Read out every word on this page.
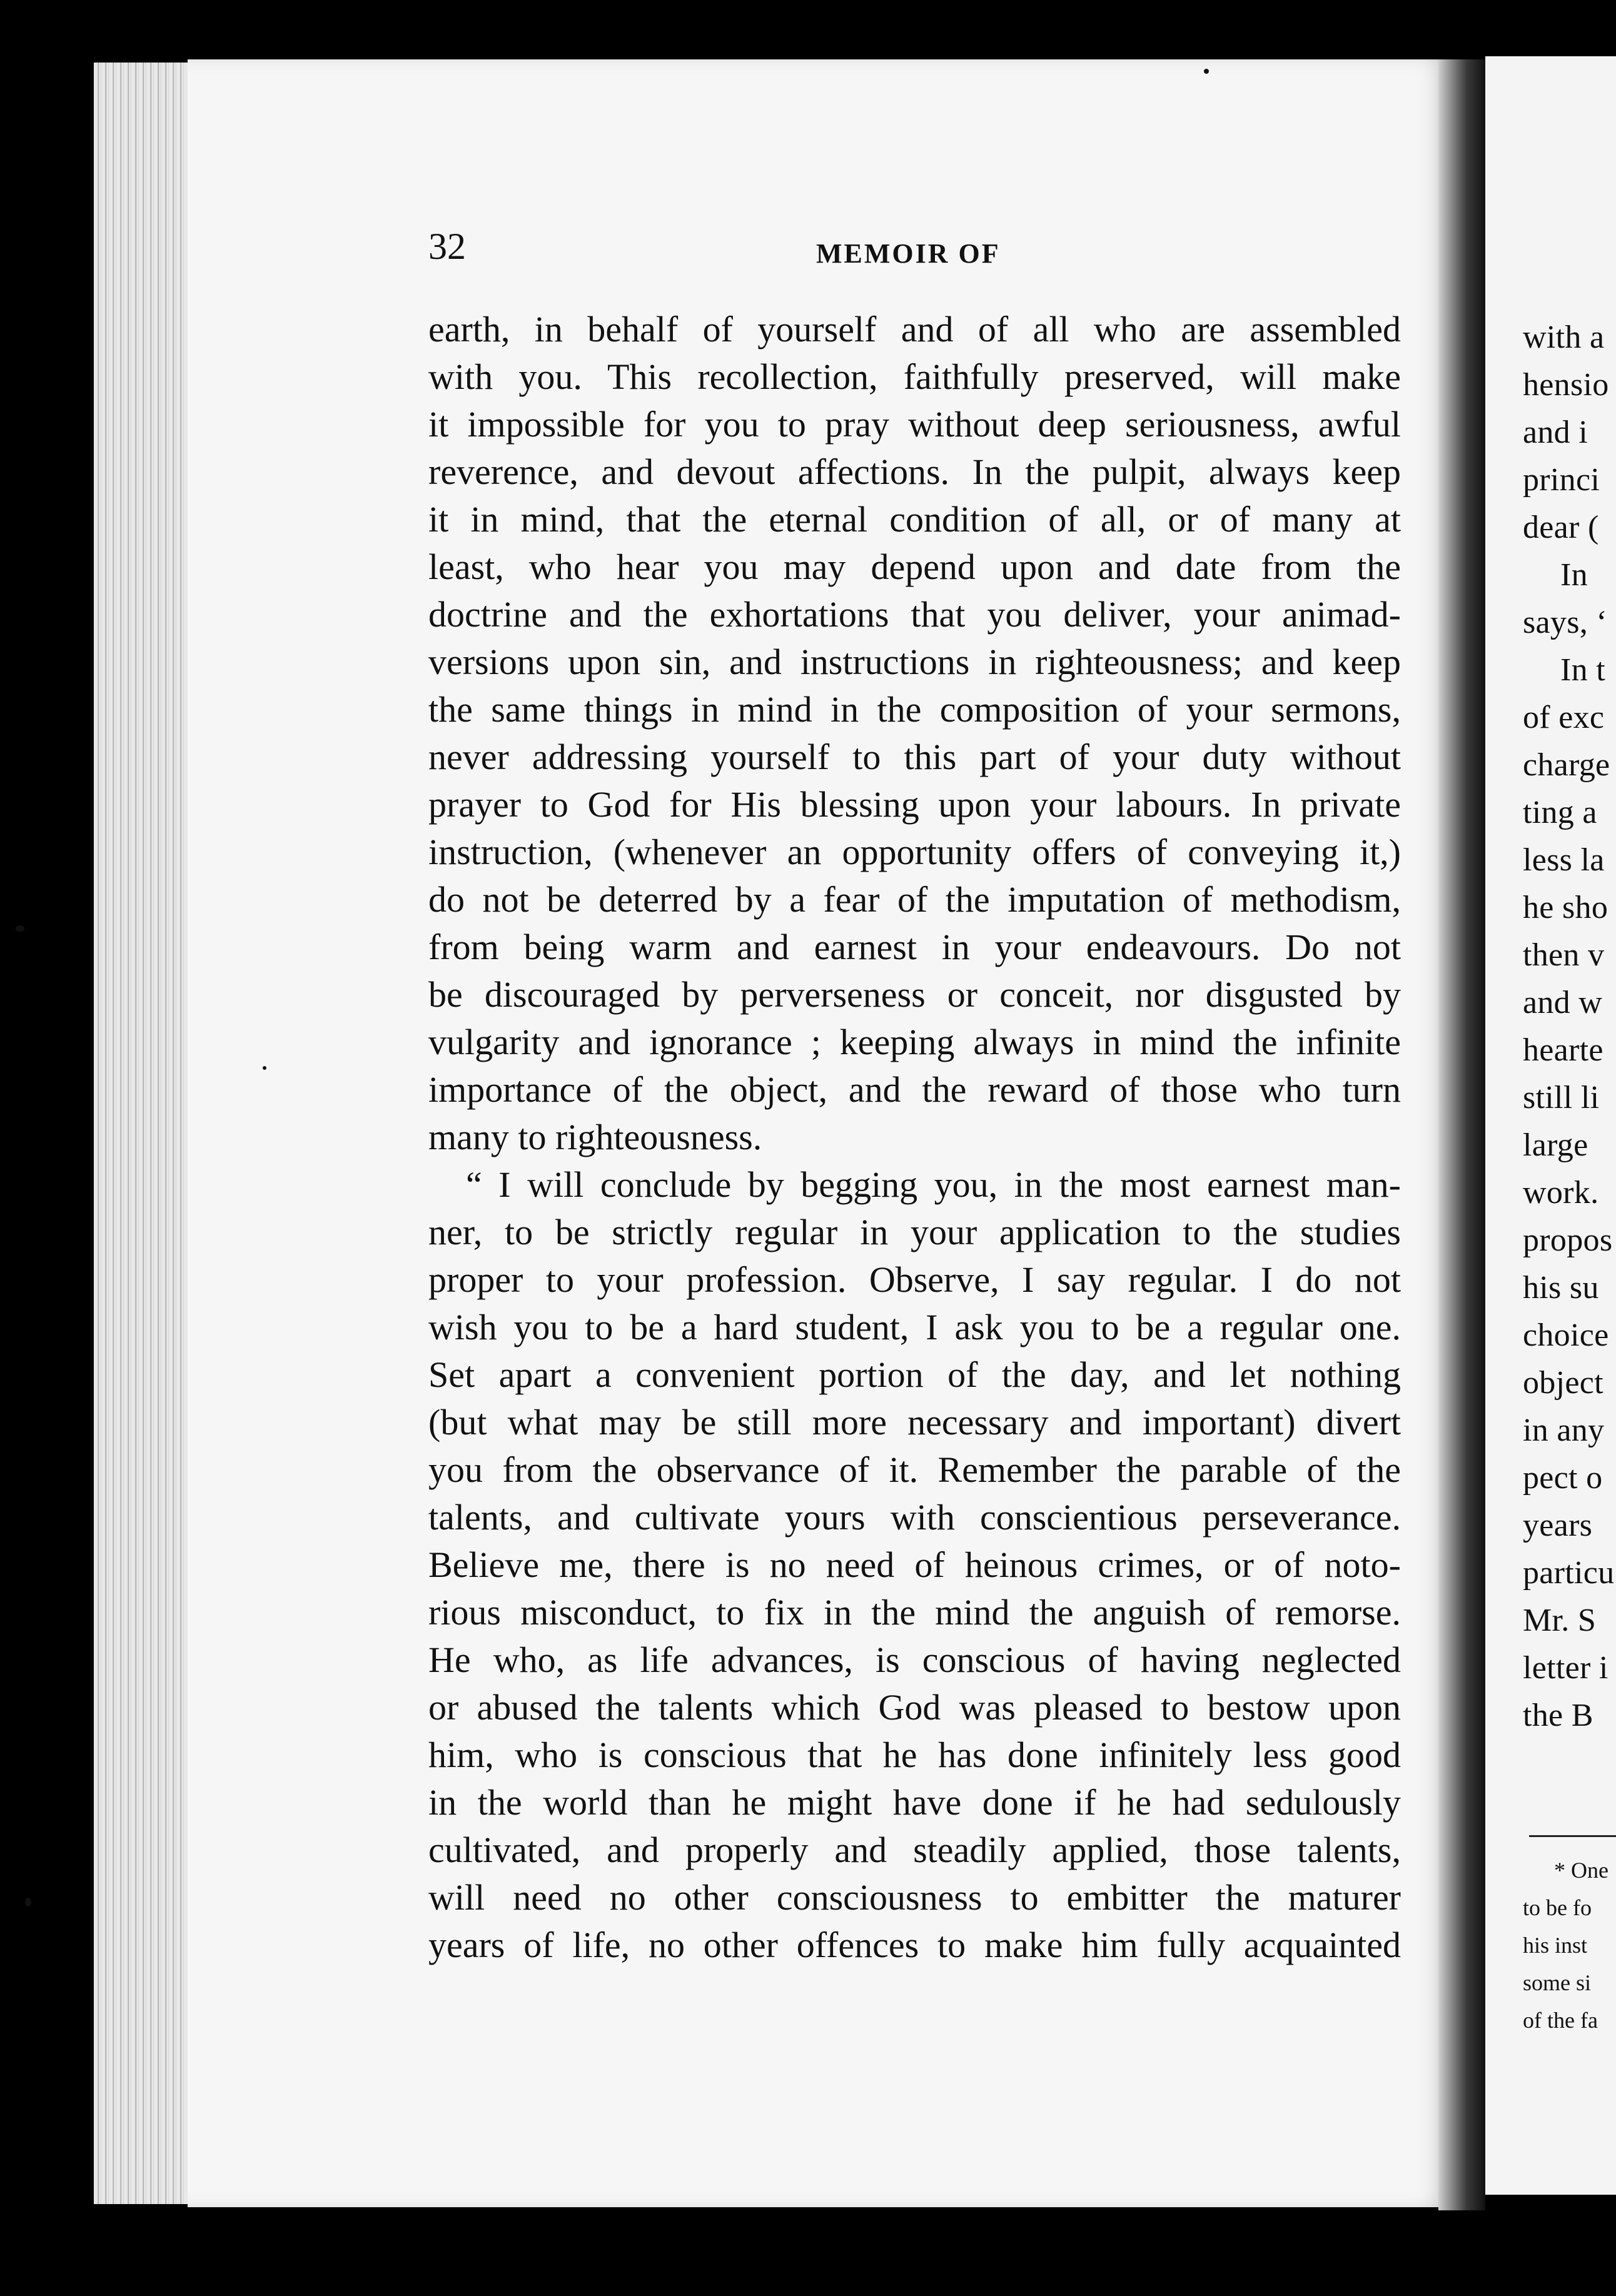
with a
hensio
and i
princi
dear (
In
says, ‘
In t
of exc
charge
ting a
less la
he sho
then v
and w
hearte
still li
large
work.
propos
his su
choice
object
in any
pect o
years
particu
Mr. S
letter i
the B
* One
to be fo
his inst
some si
of the fa
32	MEMOIR OF
earth, in behalf of yourself and of all who are assembled
with you. This recollection, faithfully preserved, will make
it impossible for you to pray without deep seriousness, awful
reverence, and devout affections. In the pulpit, always keep
it in mind, that the eternal condition of all, or of many at
least, who hear you may depend upon and date from the
doctrine and the exhortations that you deliver, your animad-
versions upon sin, and instructions in righteousness; and keep
the same things in mind in the composition of your sermons,
never addressing yourself to this part of your duty without
prayer to God for His blessing upon your labours. In private
instruction, (whenever an opportunity offers of conveying it,)
do not be deterred by a fear of the imputation of methodism,
from being warm and earnest in your endeavours. Do not
be discouraged by perverseness or conceit, nor disgusted by
vulgarity and ignorance ; keeping always in mind the infinite
importance of the object, and the reward of those who turn
many to righteousness.
“ I will conclude by begging you, in the most earnest man-
ner, to be strictly regular in your application to the studies
proper to your profession. Observe, I say regular. I do not
wish you to be a hard student, I ask you to be a regular one.
Set apart a convenient portion of the day, and let nothing
(but what may be still more necessary and important) divert
you from the observance of it. Remember the parable of the
talents, and cultivate yours with conscientious perseverance.
Believe me, there is no need of heinous crimes, or of noto-
rious misconduct, to fix in the mind the anguish of remorse.
He who, as life advances, is conscious of having neglected
or abused the talents which God was pleased to bestow upon
him, who is conscious that he has done infinitely less good
in the world than he might have done if he had sedulously
cultivated, and properly and steadily applied, those talents,
will need no other consciousness to embitter the maturer
years of life, no other offences to make him fully acquainted
